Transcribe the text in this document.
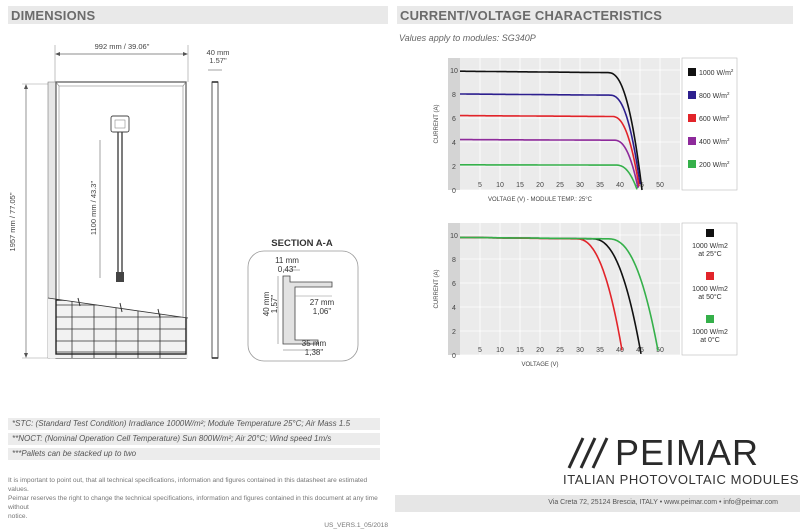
DIMENSIONS	CURRENT/VOLTAGE CHARACTERISTICS
Values apply to modules: SG340P
992 mm / 39.06"
1957 mm / 77.05"	1100 mm / 43.3"
40 mm
1.57"
SECTION A-A
11 mm
0,43"
40 mm 1,57"	27 mm
1,06"
35 mm
1,38"
0
2
4
6
8
10
5 10 15 20 25 30 35 40 45 50
CURRENT (A)
VOLTAGE (V) - MODULE TEMP.: 25°C
1000 $W/m^2$
800 $W/m^2$
600 $W/m^2$
400 $W/m^2$
200 $W/m^2$
0
2
4
6
8
10
5 10 15 20 25 30 35 40 45 50
CURRENT (A)
VOLTAGE (V)
1000 W/m2
at 25°C
1000 W/m2
at 50°C
1000 W/m2
at 0°C
*STC: (Standard Test Condition) Irradiance 1000W/m²; Module Temperature 25°C; Air Mass 1.5
**NOCT: (Nominal Operation Cell Temperature) Sun 800W/m²; Air 20°C; Wind speed 1m/s
***Pallets can be stacked up to two
It is important to point out, that all technical specifications, information and figures contained in this datasheet are estimated values.
Peimar reserves the right to change the technical specifications, information and figures contained in this document at any time without
notice.
US_VERS.1_05/2018
PEIMAR
ITALIAN PHOTOVOLTAIC MODULES
Via Creta 72, 25124 Brescia, ITALY • www.peimar.com • info@peimar.com
